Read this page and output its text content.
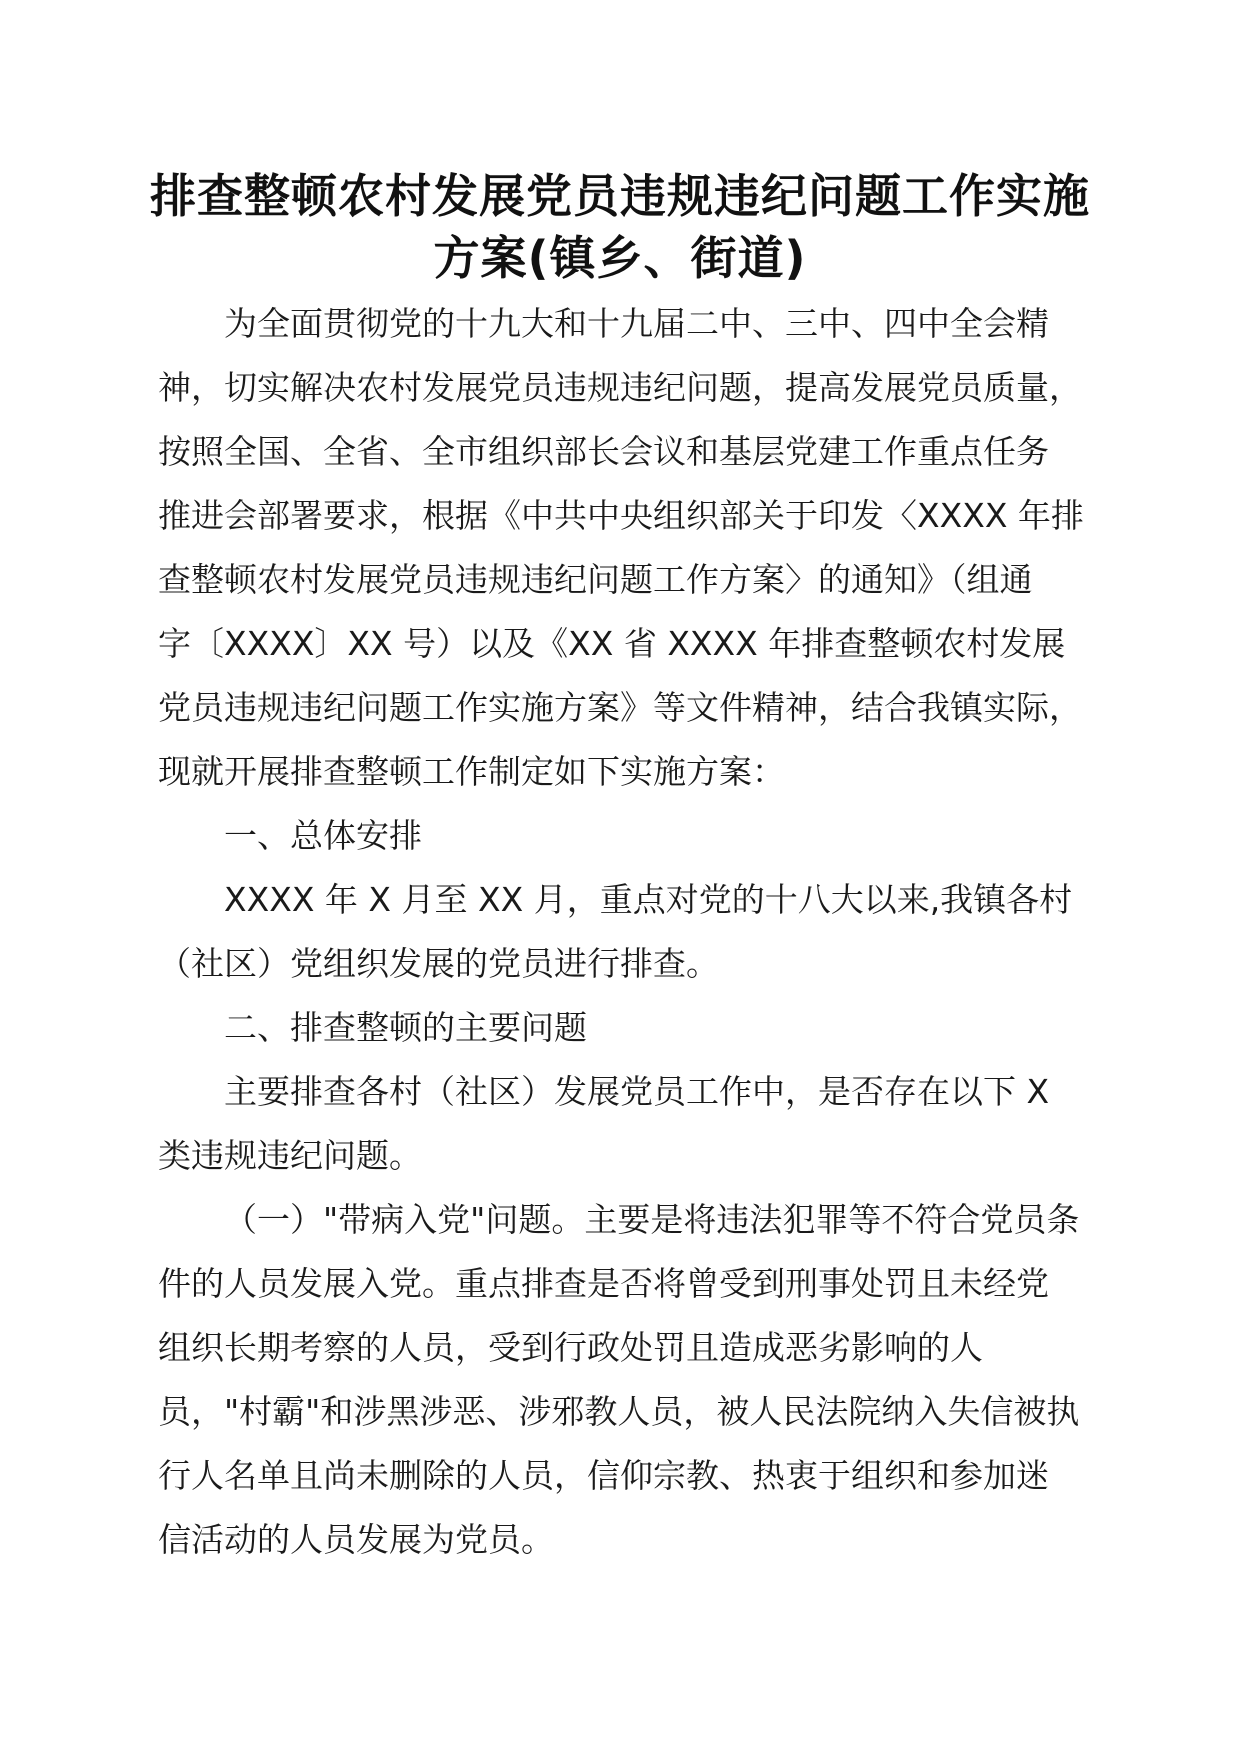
排查整顿农村发展党员违规违纪问题工作实施
方案(镇乡、街道)
为全面贯彻党的十九大和十九届二中、三中、四中全会精
神，切实解决农村发展党员违规违纪问题，提高发展党员质量，
按照全国、全省、全市组织部长会议和基层党建工作重点任务
推进会部署要求，根据《中共中央组织部关于印发〈XXXX 年排
查整顿农村发展党员违规违纪问题工作方案〉的通知》（组通
字〔XXXX〕XX 号）以及《XX 省 XXXX 年排查整顿农村发展
党员违规违纪问题工作实施方案》等文件精神，结合我镇实际，
现就开展排查整顿工作制定如下实施方案：
一、总体安排
XXXX 年 X 月至 XX 月，重点对党的十八大以来,我镇各村
（社区）党组织发展的党员进行排查。
二、排查整顿的主要问题
主要排查各村（社区）发展党员工作中，是否存在以下 X
类违规违纪问题。
（一）"带病入党"问题。主要是将违法犯罪等不符合党员条
件的人员发展入党。重点排查是否将曾受到刑事处罚且未经党
组织长期考察的人员，受到行政处罚且造成恶劣影响的人
员，"村霸"和涉黑涉恶、涉邪教人员，被人民法院纳入失信被执
行人名单且尚未删除的人员，信仰宗教、热衷于组织和参加迷
信活动的人员发展为党员。
